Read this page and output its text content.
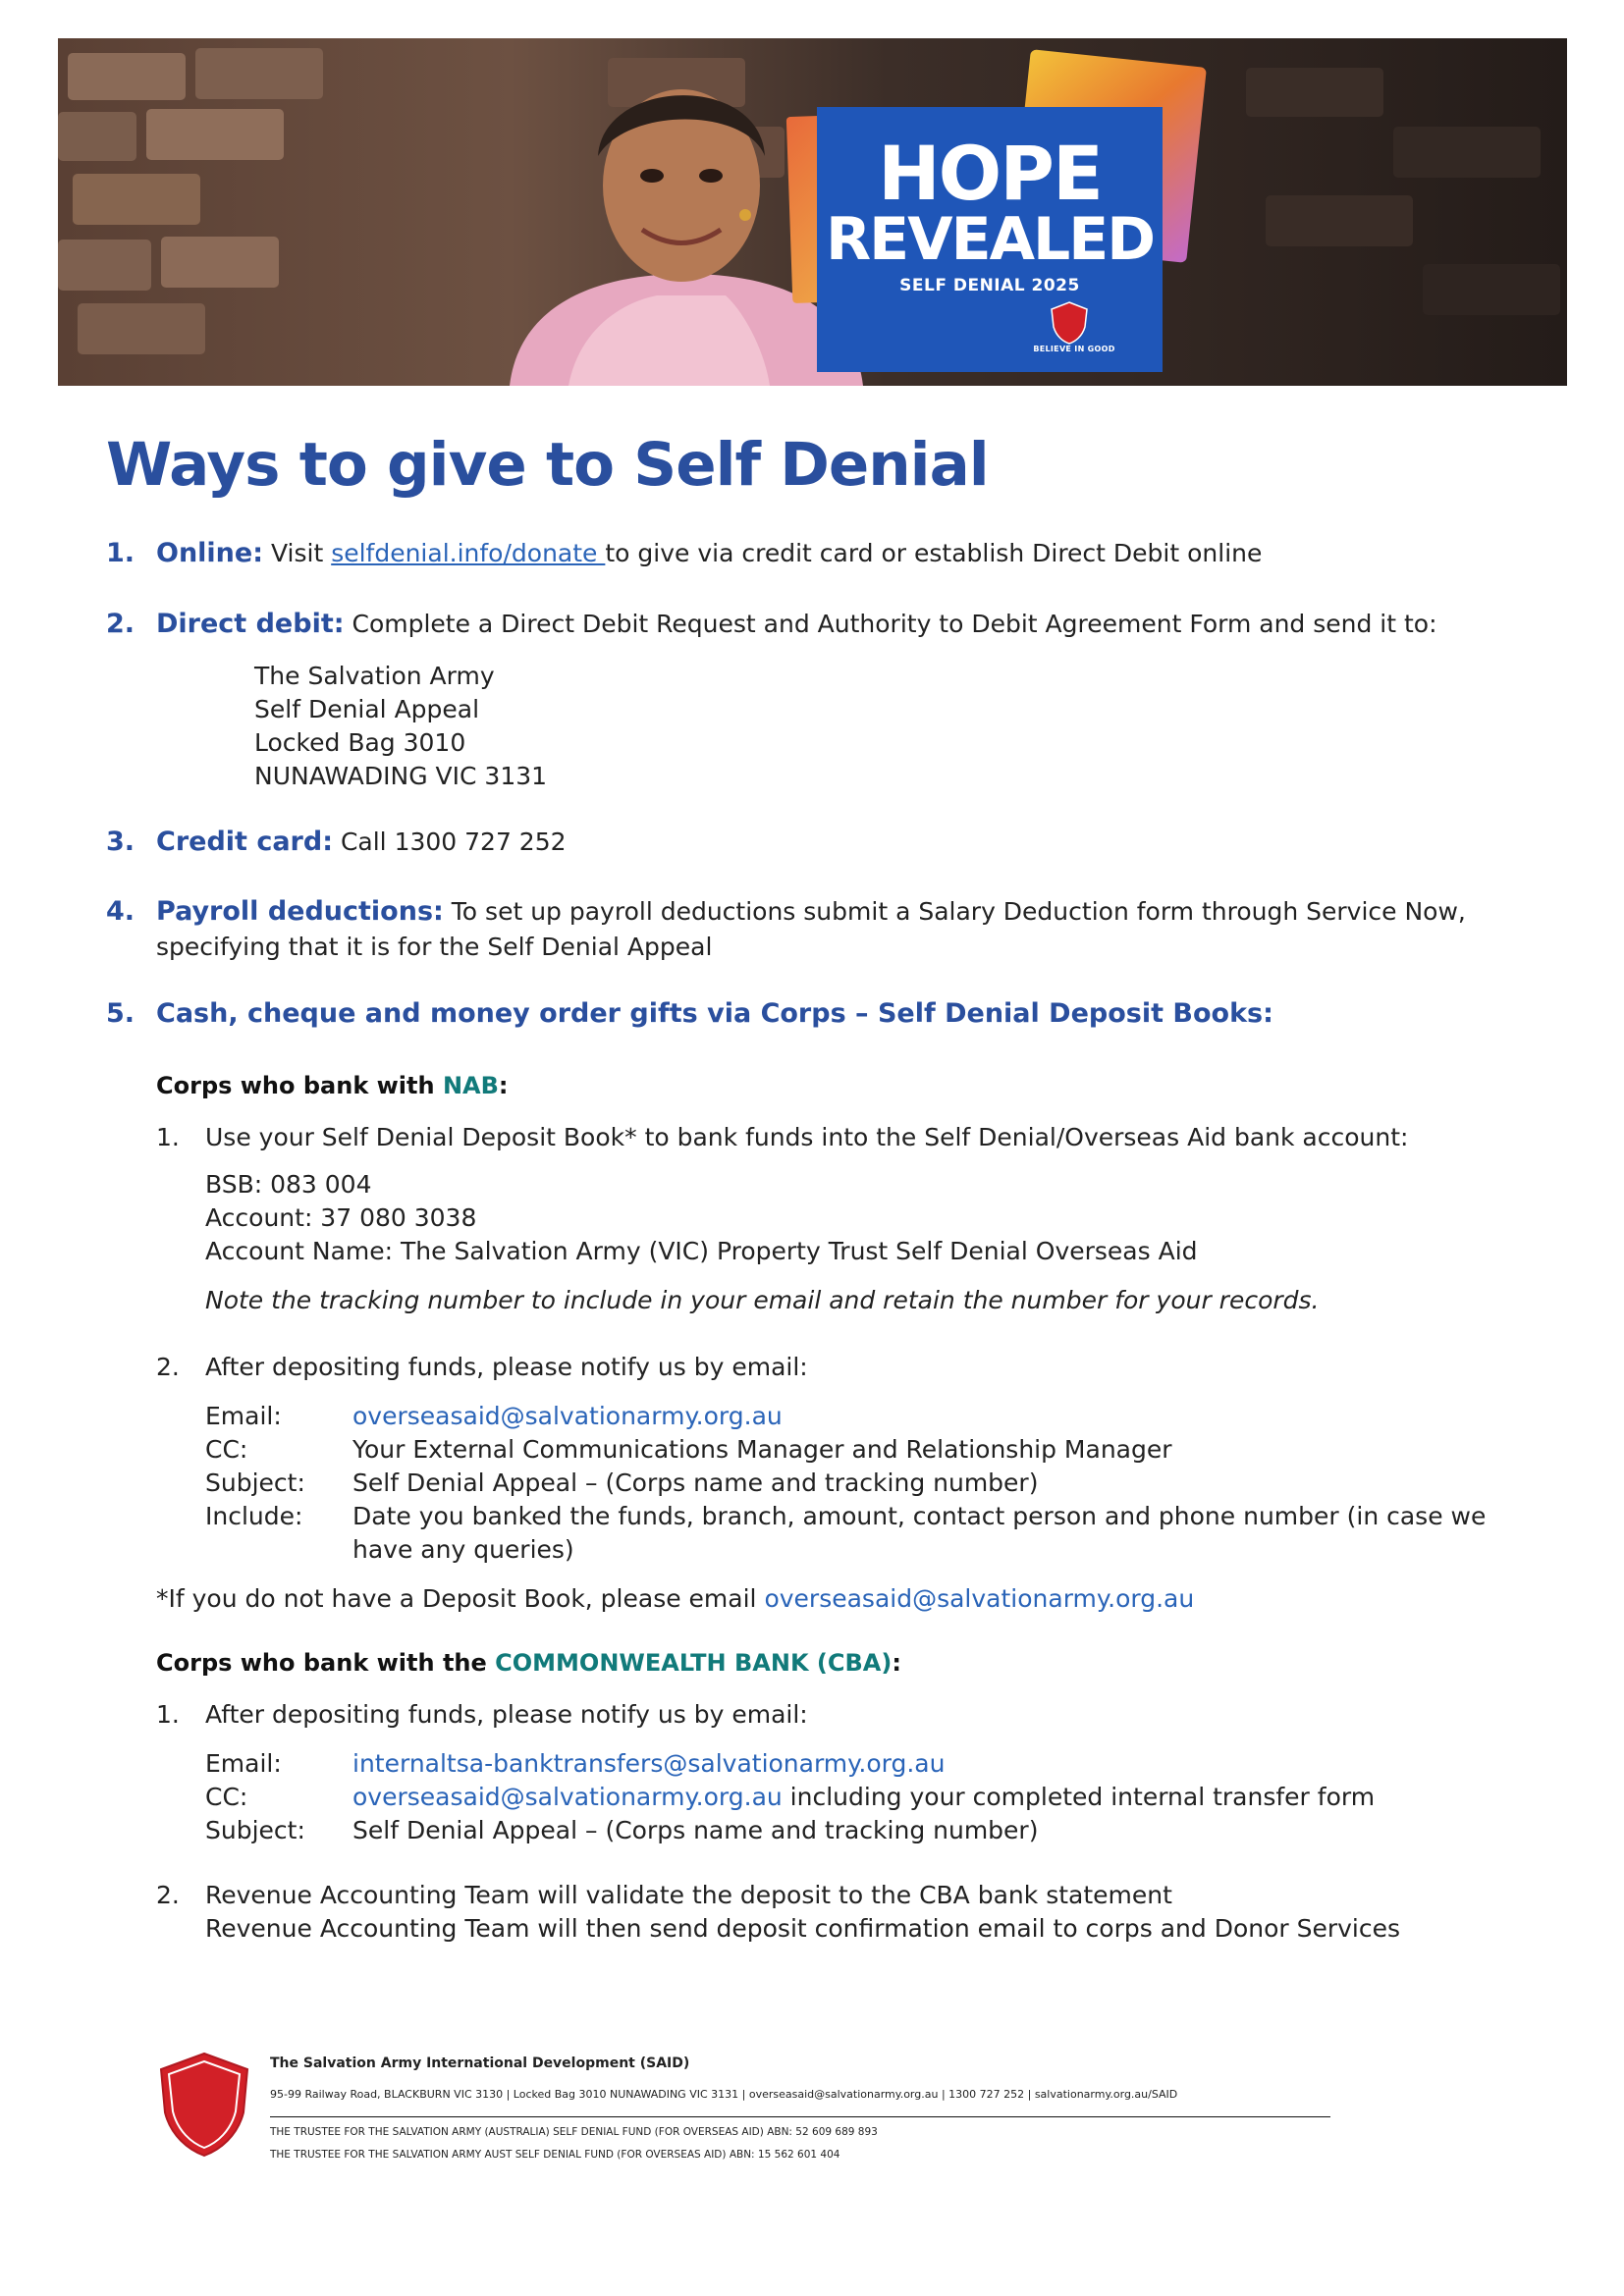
HOPE
REVEALED
SELF DENIAL 2025
BELIEVE IN GOOD
Ways to give to Self Denial
1. Online: Visit selfdenial.info/donate to give via credit card or establish Direct Debit online
2. Direct debit: Complete a Direct Debit Request and Authority to Debit Agreement Form and send it to:
The Salvation Army
Self Denial Appeal
Locked Bag 3010
NUNAWADING VIC 3131
3. Credit card: Call 1300 727 252
4. Payroll deductions: To set up payroll deductions submit a Salary Deduction form through Service Now,
specifying that it is for the Self Denial Appeal
5. Cash, cheque and money order gifts via Corps – Self Denial Deposit Books:
Corps who bank with NAB:
1. Use your Self Denial Deposit Book* to bank funds into the Self Denial/Overseas Aid bank account:
BSB: 083 004
Account: 37 080 3038
Account Name: The Salvation Army (VIC) Property Trust Self Denial Overseas Aid
Note the tracking number to include in your email and retain the number for your records.
2. After depositing funds, please notify us by email:
Email:	overseasaid@salvationarmy.org.au
CC:	Your External Communications Manager and Relationship Manager
Subject: Self Denial Appeal – (Corps name and tracking number)
Include: Date you banked the funds, branch, amount, contact person and phone number (in case we
have any queries)
*If you do not have a Deposit Book, please email overseasaid@salvationarmy.org.au
Corps who bank with the COMMONWEALTH BANK (CBA):
1. After depositing funds, please notify us by email:
Email:	internaltsa-banktransfers@salvationarmy.org.au
CC:	overseasaid@salvationarmy.org.au including your completed internal transfer form
Subject: Self Denial Appeal – (Corps name and tracking number)
2. Revenue Accounting Team will validate the deposit to the CBA bank statement
Revenue Accounting Team will then send deposit confirmation email to corps and Donor Services
The Salvation Army International Development (SAID)
95-99 Railway Road, BLACKBURN VIC 3130 | Locked Bag 3010 NUNAWADING VIC 3131 | overseasaid@salvationarmy.org.au | 1300 727 252 | salvationarmy.org.au/SAID
THE TRUSTEE FOR THE SALVATION ARMY (AUSTRALIA) SELF DENIAL FUND (FOR OVERSEAS AID) ABN: 52 609 689 893
THE TRUSTEE FOR THE SALVATION ARMY AUST SELF DENIAL FUND (FOR OVERSEAS AID) ABN: 15 562 601 404
